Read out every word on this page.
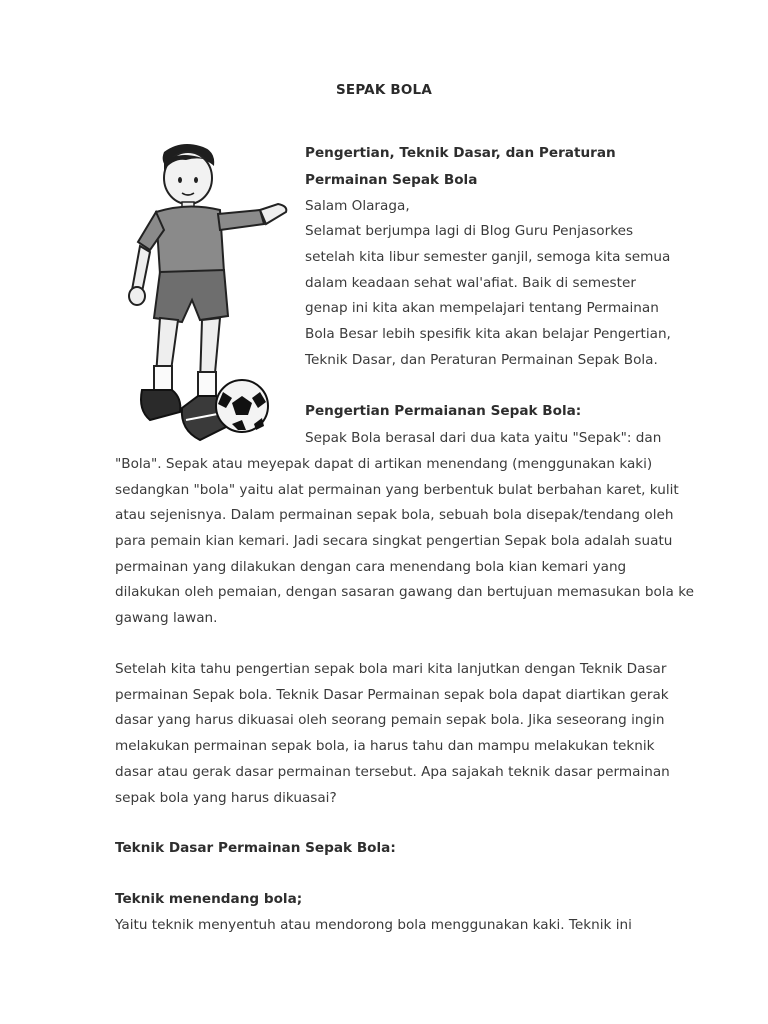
SEPAK BOLA
Pengertian, Teknik Dasar, dan Peraturan
Permainan Sepak Bola
Salam Olaraga,
Selamat berjumpa lagi di Blog Guru Penjasorkes
setelah kita libur semester ganjil, semoga kita semua
dalam keadaan sehat wal'afiat. Baik di semester
genap ini kita akan mempelajari tentang Permainan
Bola Besar lebih spesifik kita akan belajar Pengertian,
Teknik Dasar, dan Peraturan Permainan Sepak Bola.
Pengertian Permaianan Sepak Bola:
Sepak Bola berasal dari dua kata yaitu "Sepak": dan
"Bola". Sepak atau meyepak dapat di artikan menendang (menggunakan kaki)
sedangkan "bola" yaitu alat permainan yang berbentuk bulat berbahan karet, kulit
atau sejenisnya. Dalam permainan sepak bola, sebuah bola disepak/tendang oleh
para pemain kian kemari. Jadi secara singkat pengertian Sepak bola adalah suatu
permainan yang dilakukan dengan cara menendang bola kian kemari yang
dilakukan oleh pemaian, dengan sasaran gawang dan bertujuan memasukan bola ke
gawang lawan.
Setelah kita tahu pengertian sepak bola mari kita lanjutkan dengan Teknik Dasar
permainan Sepak bola. Teknik Dasar Permainan sepak bola dapat diartikan gerak
dasar yang harus dikuasai oleh seorang pemain sepak bola. Jika seseorang ingin
melakukan permainan sepak bola, ia harus tahu dan mampu melakukan teknik
dasar atau gerak dasar permainan tersebut. Apa sajakah teknik dasar permainan
sepak bola yang harus dikuasai?
Teknik Dasar Permainan Sepak Bola:
Teknik menendang bola;
Yaitu teknik menyentuh atau mendorong bola menggunakan kaki. Teknik ini
